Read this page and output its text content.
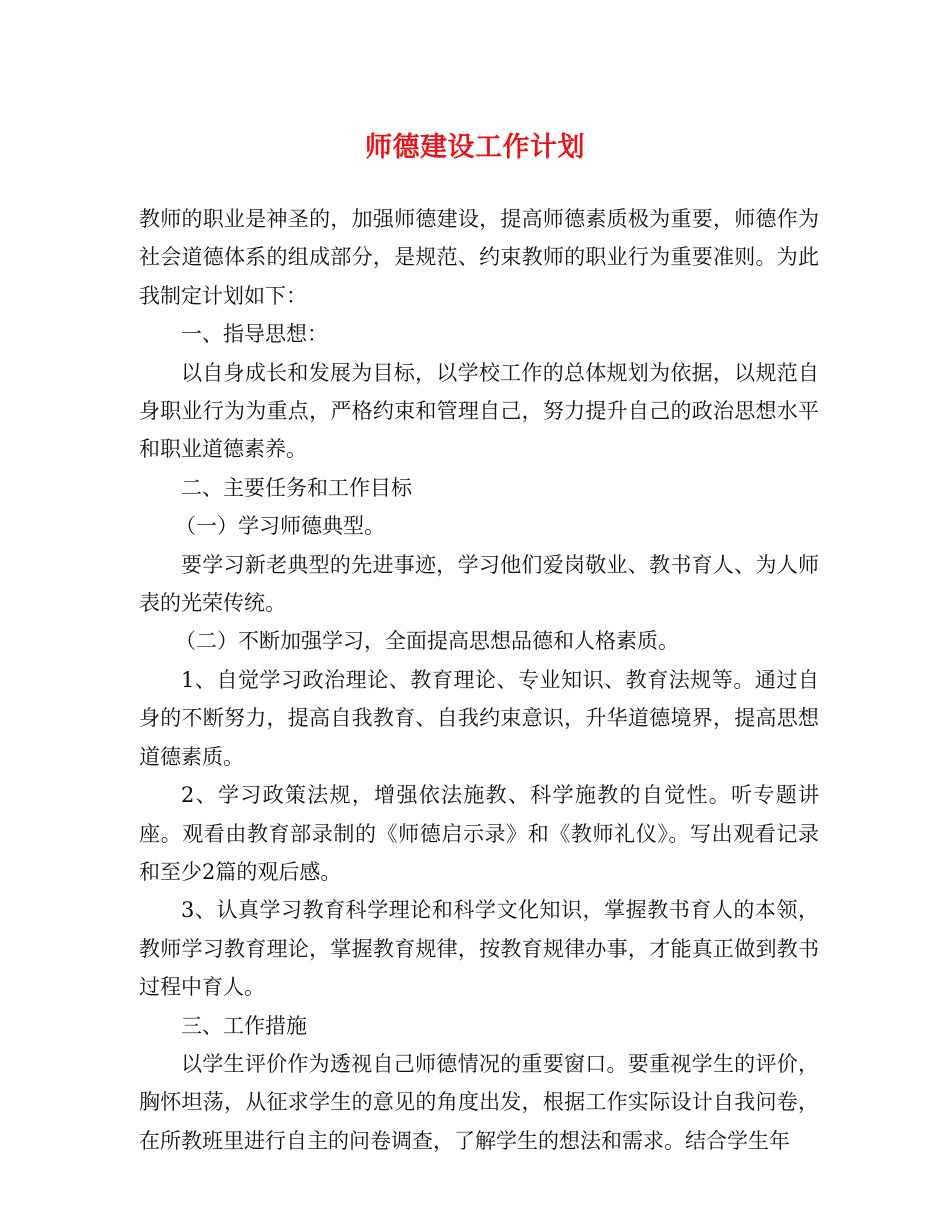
师德建设工作计划

教师的职业是神圣的，加强师德建设，提高师德素质极为重要，师德作为社会道德体系的组成部分，是规范、约束教师的职业行为重要准则。为此我制定计划如下：

一、指导思想：

以自身成长和发展为目标，以学校工作的总体规划为依据，以规范自身职业行为为重点，严格约束和管理自己，努力提升自己的政治思想水平和职业道德素养。

二、主要任务和工作目标

（一）学习师德典型。

要学习新老典型的先进事迹，学习他们爱岗敬业、教书育人、为人师表的光荣传统。

（二）不断加强学习，全面提高思想品德和人格素质。

1、自觉学习政治理论、教育理论、专业知识、教育法规等。通过自身的不断努力，提高自我教育、自我约束意识，升华道德境界，提高思想道德素质。

2、学习政策法规，增强依法施教、科学施教的自觉性。听专题讲座。观看由教育部录制的《师德启示录》和《教师礼仪》。写出观看记录和至少2篇的观后感。

3、认真学习教育科学理论和科学文化知识，掌握教书育人的本领，教师学习教育理论，掌握教育规律，按教育规律办事，才能真正做到教书过程中育人。

三、工作措施

以学生评价作为透视自己师德情况的重要窗口。要重视学生的评价，胸怀坦荡，从征求学生的意见的角度出发，根据工作实际设计自我问卷，在所教班里进行自主的问卷调查，了解学生的想法和需求。结合学生年
